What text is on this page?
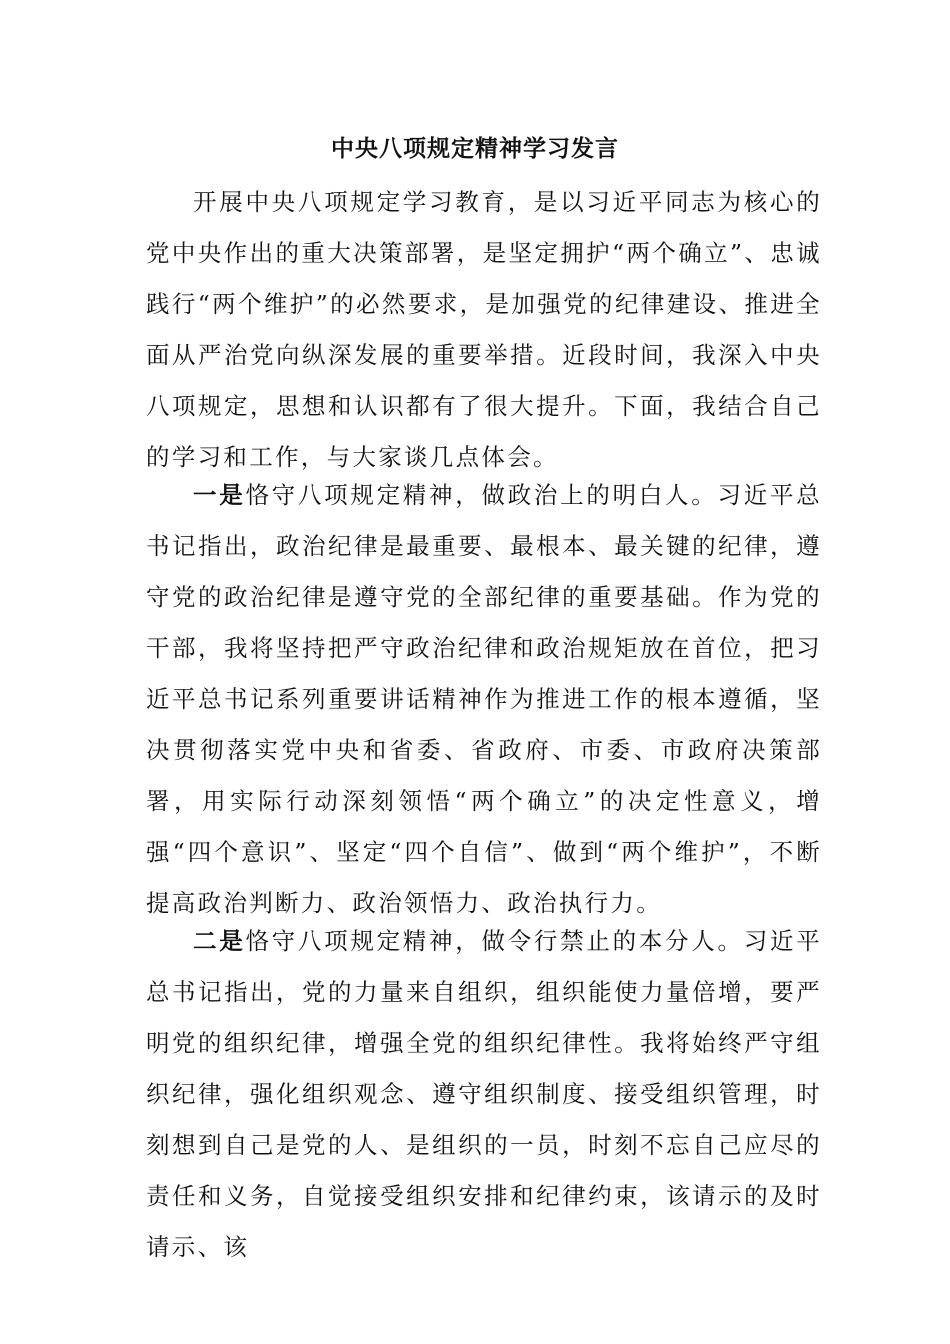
中央八项规定精神学习发言

开展中央八项规定学习教育，是以习近平同志为核心的党中央作出的重大决策部署，是坚定拥护“两个确立”、忠诚践行“两个维护”的必然要求，是加强党的纪律建设、推进全面从严治党向纵深发展的重要举措。近段时间，我深入中央八项规定，思想和认识都有了很大提升。下面，我结合自己的学习和工作，与大家谈几点体会。

一是恪守八项规定精神，做政治上的明白人。习近平总书记指出，政治纪律是最重要、最根本、最关键的纪律，遵守党的政治纪律是遵守党的全部纪律的重要基础。作为党的干部，我将坚持把严守政治纪律和政治规矩放在首位，把习近平总书记系列重要讲话精神作为推进工作的根本遵循，坚决贯彻落实党中央和省委、省政府、市委、市政府决策部署，用实际行动深刻领悟“两个确立”的决定性意义，增强“四个意识”、坚定“四个自信”、做到“两个维护”，不断提高政治判断力、政治领悟力、政治执行力。

二是恪守八项规定精神，做令行禁止的本分人。习近平总书记指出，党的力量来自组织，组织能使力量倍增，要严明党的组织纪律，增强全党的组织纪律性。我将始终严守组织纪律，强化组织观念、遵守组织制度、接受组织管理，时刻想到自己是党的人、是组织的一员，时刻不忘自己应尽的责任和义务，自觉接受组织安排和纪律约束，该请示的及时请示、该
